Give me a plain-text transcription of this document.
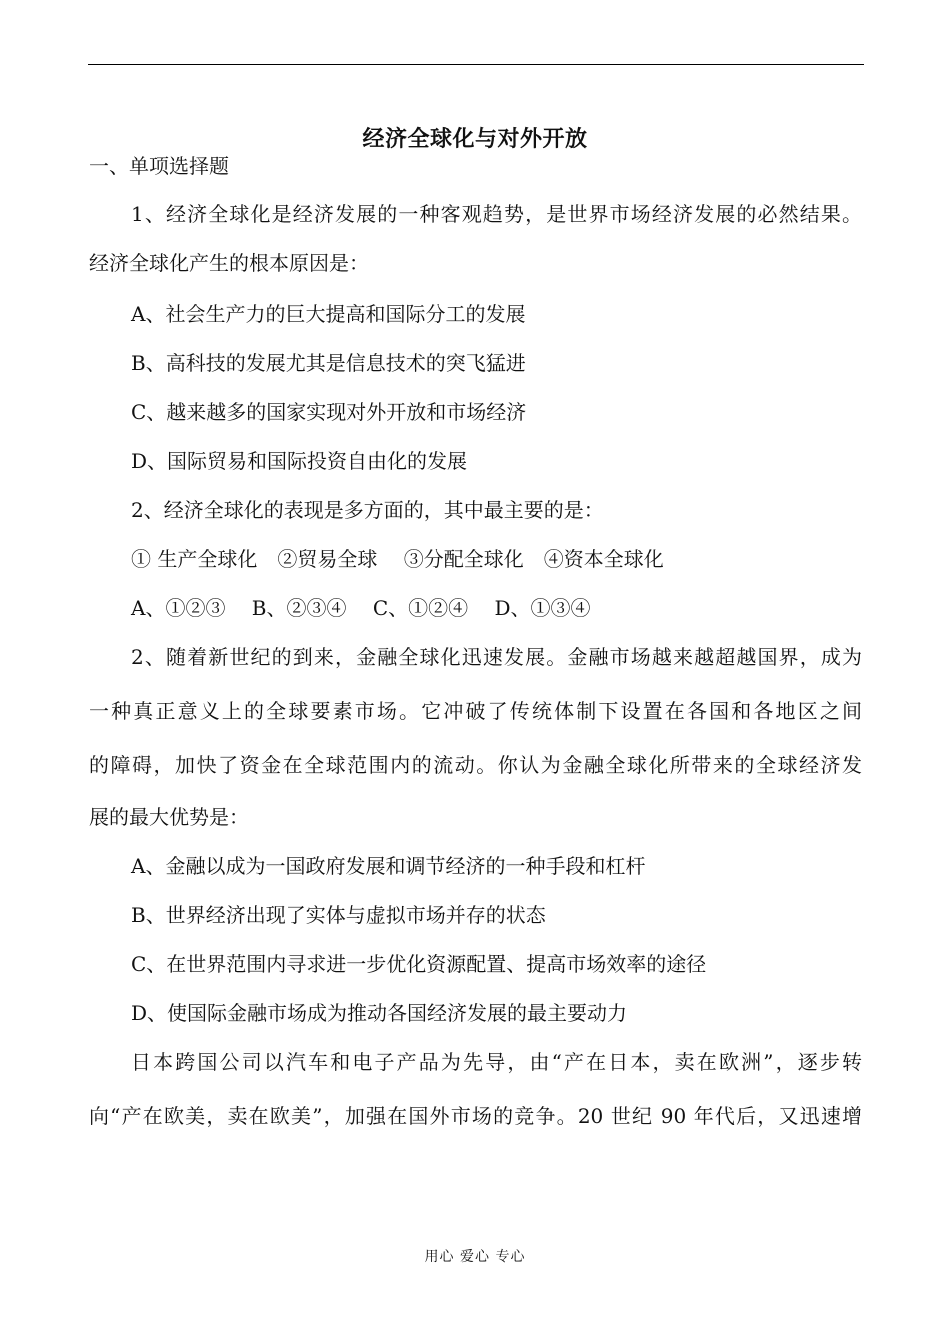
经济全球化与对外开放
一、单项选择题
1、经济全球化是经济发展的一种客观趋势，是世界市场经济发展的必然结果。
经济全球化产生的根本原因是：
A、社会生产力的巨大提高和国际分工的发展
B、高科技的发展尤其是信息技术的突飞猛进
C、越来越多的国家实现对外开放和市场经济
D、国际贸易和国际投资自由化的发展
2、经济全球化的表现是多方面的，其中最主要的是：
① 生产全球化　②贸易全球　 ③分配全球化　④资本全球化
A、①②③　 B、②③④　 C、①②④　 D、①③④
2、随着新世纪的到来，金融全球化迅速发展。金融市场越来越超越国界，成为
一种真正意义上的全球要素市场。它冲破了传统体制下设置在各国和各地区之间
的障碍，加快了资金在全球范围内的流动。你认为金融全球化所带来的全球经济发
展的最大优势是：
A、金融以成为一国政府发展和调节经济的一种手段和杠杆
B、世界经济出现了实体与虚拟市场并存的状态
C、在世界范围内寻求进一步优化资源配置、提高市场效率的途径
D、使国际金融市场成为推动各国经济发展的最主要动力
日本跨国公司以汽车和电子产品为先导，由“产在日本，卖在欧洲”，逐步转
向“产在欧美，卖在欧美”，加强在国外市场的竞争。20 世纪 90 年代后，又迅速增
用心 爱心 专心
